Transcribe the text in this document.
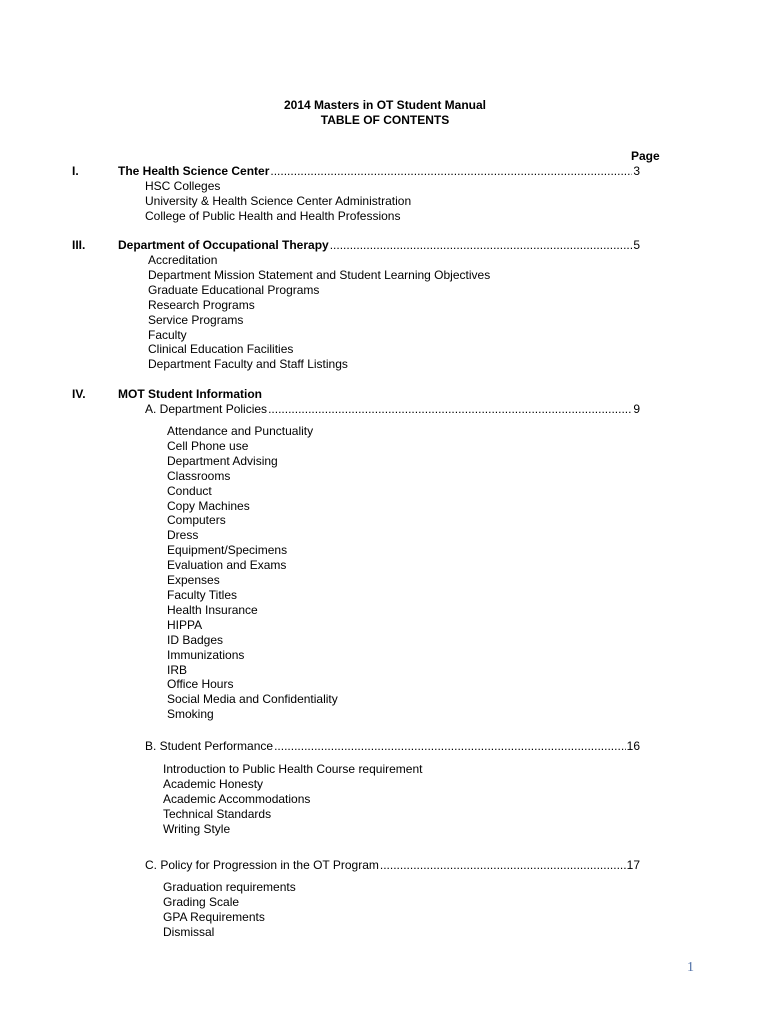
2014 Masters in OT Student Manual
TABLE OF CONTENTS
Page
I.	The Health Science Center .....	3
HSC Colleges
University & Health Science Center Administration
College of Public Health and Health Professions
III.	Department of Occupational Therapy .....	5
Accreditation
Department Mission Statement and Student Learning Objectives
Graduate Educational Programs
Research Programs
Service Programs
Faculty
Clinical Education Facilities
Department Faculty and Staff Listings
IV.	MOT Student Information
A. Department Policies .....	9
Attendance and Punctuality
Cell Phone use
Department Advising
Classrooms
Conduct
Copy Machines
Computers
Dress
Equipment/Specimens
Evaluation and Exams
Expenses
Faculty Titles
Health Insurance
HIPPA
ID Badges
Immunizations
IRB
Office Hours
Social Media and Confidentiality
Smoking
B. Student Performance .....	16
Introduction to Public Health Course requirement
Academic Honesty
Academic Accommodations
Technical Standards
Writing Style
C. Policy for Progression in the OT Program .....	17
Graduation requirements
Grading Scale
GPA Requirements
Dismissal
1
